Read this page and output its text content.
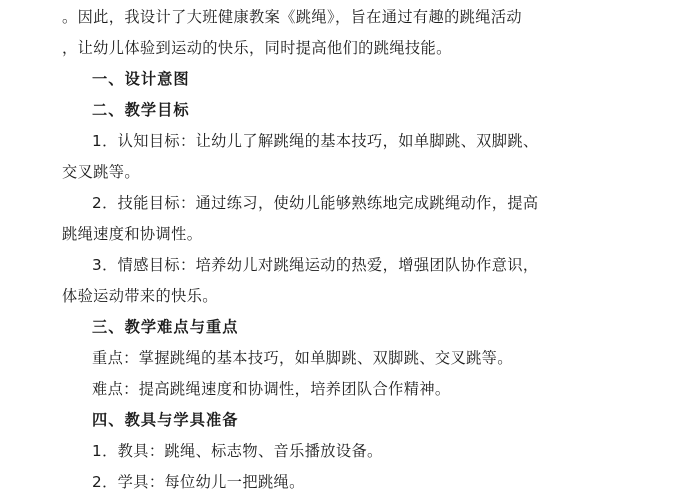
。因此，我设计了大班健康教案《跳绳》，旨在通过有趣的跳绳活动

，让幼儿体验到运动的快乐，同时提高他们的跳绳技能。

一、设计意图

二、教学目标

1．认知目标：让幼儿了解跳绳的基本技巧，如单脚跳、双脚跳、

交叉跳等。

2．技能目标：通过练习，使幼儿能够熟练地完成跳绳动作，提高

跳绳速度和协调性。

3．情感目标：培养幼儿对跳绳运动的热爱，增强团队协作意识，

体验运动带来的快乐。

三、教学难点与重点

重点：掌握跳绳的基本技巧，如单脚跳、双脚跳、交叉跳等。

难点：提高跳绳速度和协调性，培养团队合作精神。

四、教具与学具准备

1．教具：跳绳、标志物、音乐播放设备。

2．学具：每位幼儿一把跳绳。
